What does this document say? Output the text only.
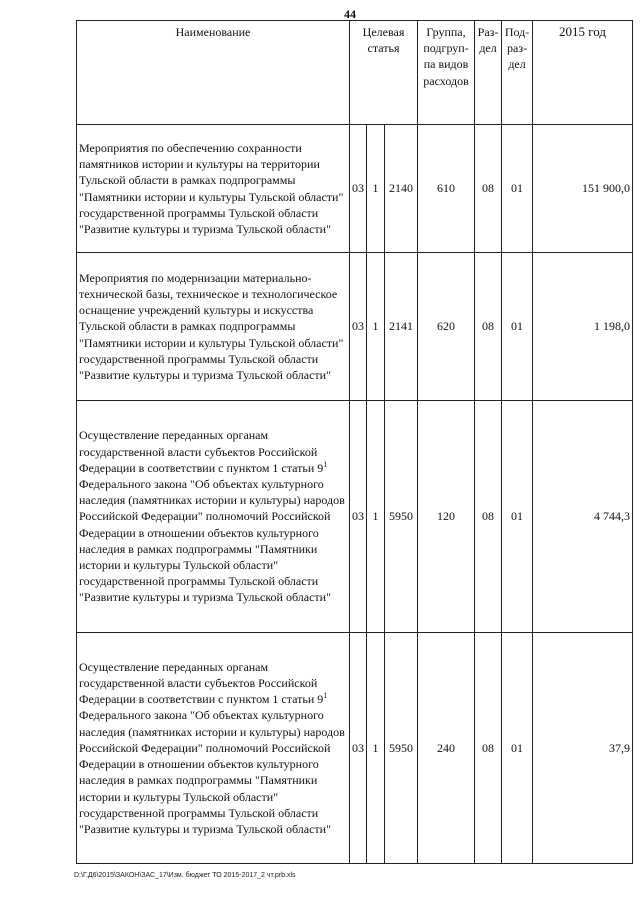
44
Наименование	Целевая статья			Группа, подгруп-па видов расходов	Раз-дел	Под-раз-дел	2015 год
Мероприятия по обеспечению сохранности памятников истории и культуры на территории Тульской области в рамках подпрограммы "Памятники истории и культуры Тульской области" государственной программы Тульской области "Развитие культуры и туризма Тульской области"	03	1	2140	610	08	01	151 900,0
Мероприятия по модернизации материально-технической базы, техническое и технологическое оснащение учреждений культуры и искусства Тульской области в рамках подпрограммы "Памятники истории и культуры Тульской области" государственной программы Тульской области "Развитие культуры и туризма Тульской области"	03	1	2141	620	08	01	1 198,0
Осуществление переданных органам государственной власти субъектов Российской Федерации в соответствии с пунктом 1 статьи $9^1$ Федерального закона "Об объектах культурного наследия (памятниках истории и культуры) народов Российской Федерации" полномочий Российской Федерации в отношении объектов культурного наследия в рамках подпрограммы "Памятники истории и культуры Тульской области" государственной программы Тульской области "Развитие культуры и туризма Тульской области"	03	1	5950	120	08	01	4 744,3
Осуществление переданных органам государственной власти субъектов Российской Федерации в соответствии с пунктом 1 статьи $9^1$ Федерального закона "Об объектах культурного наследия (памятниках истории и культуры) народов Российской Федерации" полномочий Российской Федерации в отношении объектов культурного наследия в рамках подпрограммы "Памятники истории и культуры Тульской области" государственной программы Тульской области "Развитие культуры и туризма Тульской области"	03	1	5950	240	08	01	37,9
D:\Г.Д6\2015\ЗАКОН\ЗАС_17\Изм. бюджет ТО 2015-2017_2 чт.prb.xls
